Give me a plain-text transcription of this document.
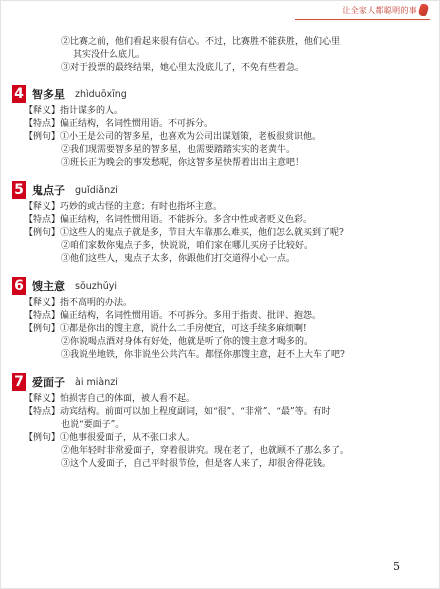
让全家人都聪明的事

②比赛之前，他们看起来很有信心。不过，比赛胜不能获胜，他们心里

其实没什么底儿。

③对于投票的最终结果，她心里太没底儿了，不免有些着急。

4 智多星 zhìduōxīng

【释义】指计谋多的人。

【特点】偏正结构，名词性惯用语。不可拆分。

【例句】 ①小王是公司的智多星，也喜欢为公司出谋划策，老板很赏识他。

②我们现需要智多星的智多星，也需要踏踏实实的老黄牛。

③班长正为晚会的事发愁呢，你这智多星快帮着出出主意吧！

5 鬼点子 guǐdiǎnzi

【释义】巧妙的或古怪的主意；有时也指坏主意。

【特点】偏正结构，名词性惯用语。不能拆分。多含中性或者贬义色彩。

【例句】 ①这些人的鬼点子就是多，节目大车靠那么难买，他们怎么就买到了呢?

②咱们家数你鬼点子多，快说说，咱们家在哪儿买房子比较好。

③他们这些人，鬼点子太多，你跟他们打交道得小心一点。

6 馊主意 sōuzhǔyi

【释义】指不高明的办法。

【特点】偏正结构，名词性惯用语。不可拆分。多用于指责、批评、抱怨。

【例句】 ①都是你出的馊主意，说什么二手房便宜，可这手续多麻烦啊!

②你说喝点酒对身体有好处，他就是听了你的馊主意才喝多的。

③我说坐地铁，你非说坐公共汽车。都怪你那馊主意，赶不上大车了吧?

7 爱面子 ài miànzi

【释义】怕损害自己的体面，被人看不起。

【特点】动宾结构。前面可以加上程度副词，如“很”、“非常”、“最”等。有时

也说“要面子”。

【例句】 ①他事很爱面子，从不张口求人。

②他年轻时非常爱面子，穿着很讲究。现在老了，也就顾不了那么多了。

③这个人爱面子，自己平时很节俭，但是客人来了，却很舍得花钱。

5
